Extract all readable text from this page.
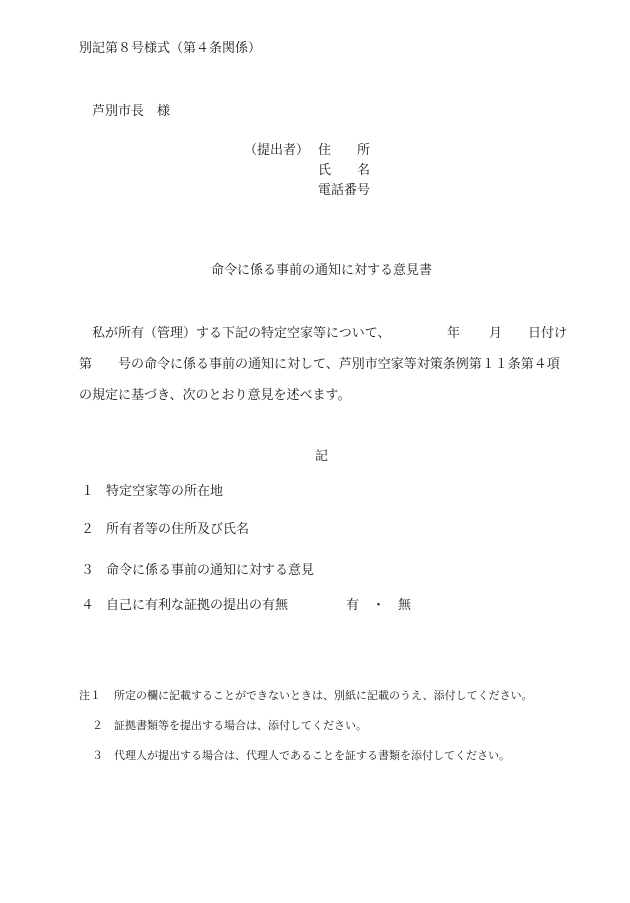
別記第８号様式（第４条関係）
芦別市長　様
（提出者） 住　　所
氏　　名
電話番号
命令に係る事前の通知に対する意見書
私が所有（管理）する下記の特定空家等について、	年 月 日付け
第 号の命令に係る事前の通知に対して、芦別市空家等対策条例第１１条第４項
の規定に基づき、次のとおり意見を述べます。
記
１ 特定空家等の所在地
２ 所有者等の住所及び氏名
３ 命令に係る事前の通知に対する意見
４ 自己に有利な証拠の提出の有無	有　・　無
注１ 所定の欄に記載することができないときは、別紙に記載のうえ、添付してください。
２ 証拠書類等を提出する場合は、添付してください。
３ 代理人が提出する場合は、代理人であることを証する書類を添付してください。
